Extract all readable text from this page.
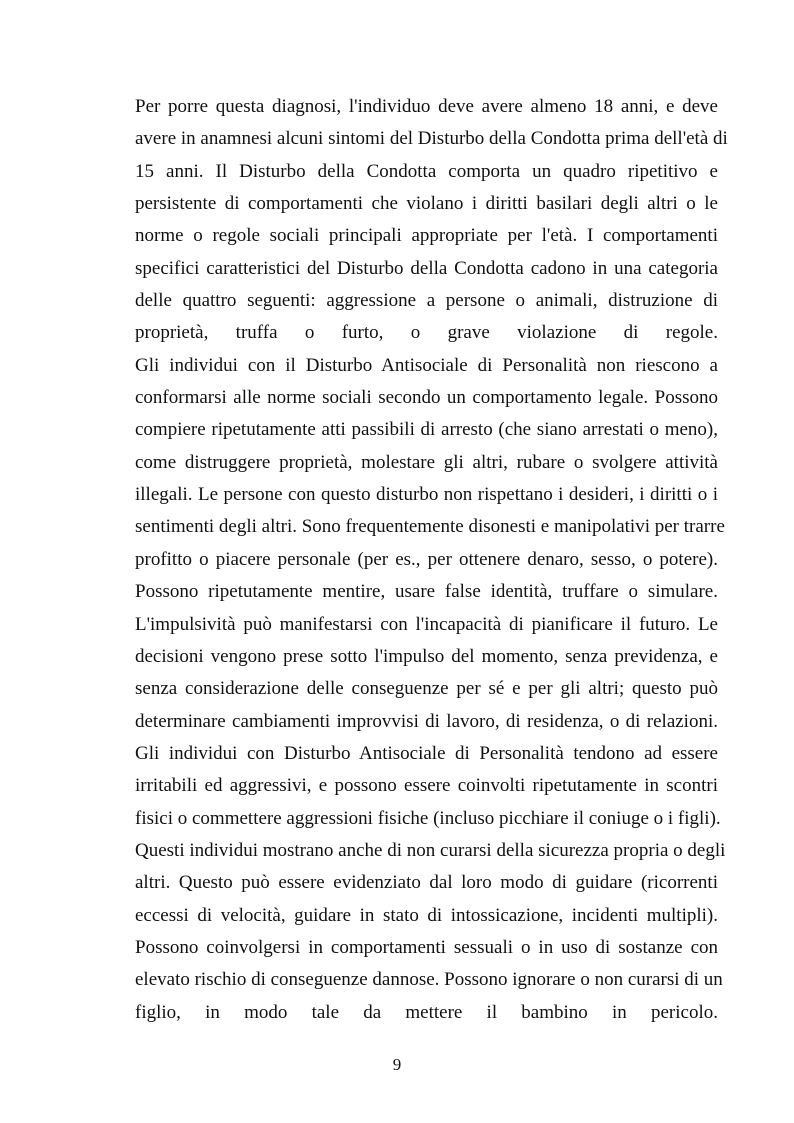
Per porre questa diagnosi, l'individuo deve avere almeno 18 anni, e deve
avere in anamnesi alcuni sintomi del Disturbo della Condotta prima dell'età di
15 anni. Il Disturbo della Condotta comporta un quadro ripetitivo e
persistente di comportamenti che violano i diritti basilari degli altri o le
norme o regole sociali principali appropriate per l'età. I comportamenti
specifici caratteristici del Disturbo della Condotta cadono in una categoria
delle quattro seguenti: aggressione a persone o animali, distruzione di
proprietà, truffa o furto, o grave violazione di regole.
Gli individui con il Disturbo Antisociale di Personalità non riescono a
conformarsi alle norme sociali secondo un comportamento legale. Possono
compiere ripetutamente atti passibili di arresto (che siano arrestati o meno),
come distruggere proprietà, molestare gli altri, rubare o svolgere attività
illegali. Le persone con questo disturbo non rispettano i desideri, i diritti o i
sentimenti degli altri. Sono frequentemente disonesti e manipolativi per trarre
profitto o piacere personale (per es., per ottenere denaro, sesso, o potere).
Possono ripetutamente mentire, usare false identità, truffare o simulare.
L'impulsività può manifestarsi con l'incapacità di pianificare il futuro. Le
decisioni vengono prese sotto l'impulso del momento, senza previdenza, e
senza considerazione delle conseguenze per sé e per gli altri; questo può
determinare cambiamenti improvvisi di lavoro, di residenza, o di relazioni.
Gli individui con Disturbo Antisociale di Personalità tendono ad essere
irritabili ed aggressivi, e possono essere coinvolti ripetutamente in scontri
fisici o commettere aggressioni fisiche (incluso picchiare il coniuge o i figli).
Questi individui mostrano anche di non curarsi della sicurezza propria o degli
altri. Questo può essere evidenziato dal loro modo di guidare (ricorrenti
eccessi di velocità, guidare in stato di intossicazione, incidenti multipli).
Possono coinvolgersi in comportamenti sessuali o in uso di sostanze con
elevato rischio di conseguenze dannose. Possono ignorare o non curarsi di un
figlio, in modo tale da mettere il bambino in pericolo.
9
